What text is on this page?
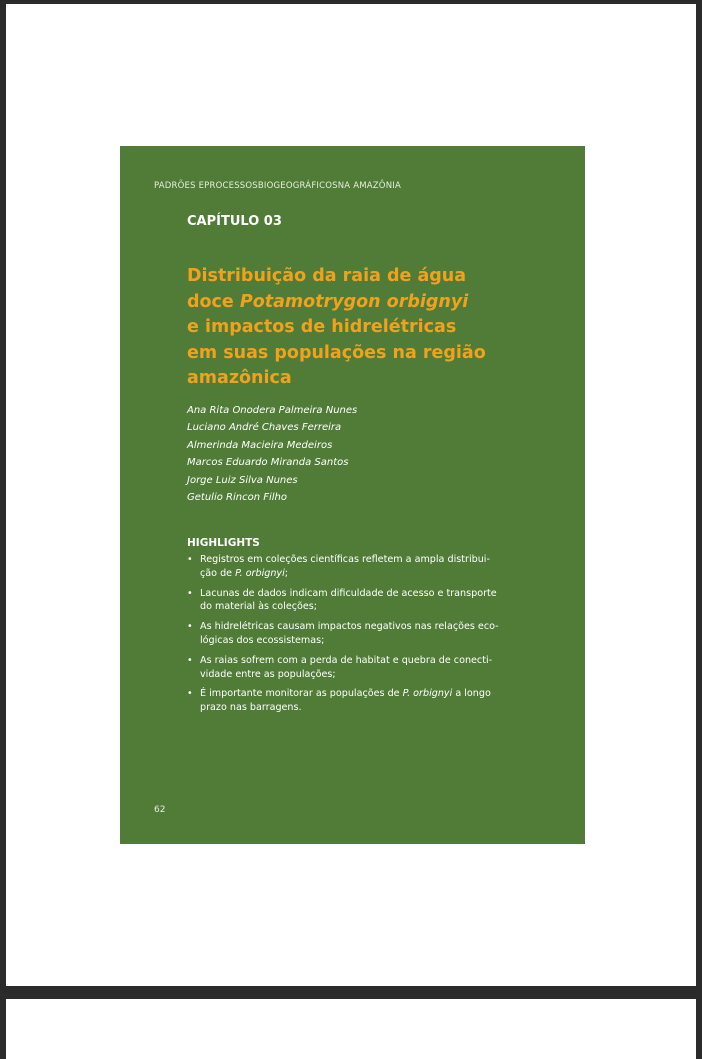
PADRÕES EPROCESSOSBIOGEOGRÁFICOSNA AMAZÔNIA
CAPÍTULO 03
Distribuição da raia de água
doce Potamotrygon orbignyi
e impactos de hidrelétricas
em suas populações na região
amazônica
Ana Rita Onodera Palmeira Nunes
Luciano André Chaves Ferreira
Almerinda Macieira Medeiros
Marcos Eduardo Miranda Santos
Jorge Luiz Silva Nunes
Getulio Rincon Filho
HIGHLIGHTS
• Registros em coleções científicas refletem a ampla distribui-
ção de P. orbignyi;
• Lacunas de dados indicam dificuldade de acesso e transporte
do material às coleções;
• As hidrelétricas causam impactos negativos nas relações eco-
lógicas dos ecossistemas;
• As raias sofrem com a perda de habitat e quebra de conecti-
vidade entre as populações;
• É importante monitorar as populações de P. orbignyi a longo
prazo nas barragens.
62
